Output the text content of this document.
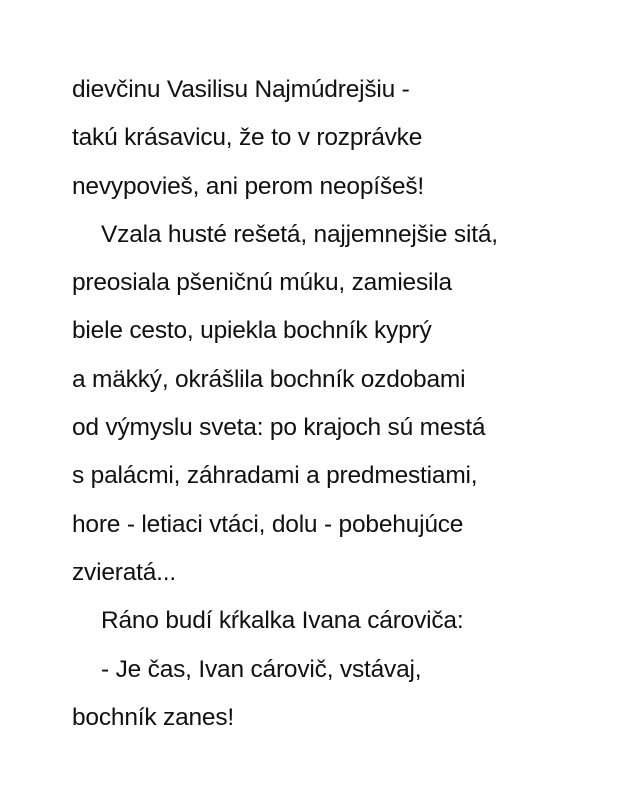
dievčinu Vasilisu Najmúdrejšiu -
takú krásavicu, že to v rozprávke
nevypovieš, ani perom neopíšeš!
Vzala husté rešetá, najjemnejšie sitá,
preosiala pšeničnú múku, zamiesila
biele cesto, upiekla bochník kyprý
a mäkký, okrášlila bochník ozdobami
od výmyslu sveta: po krajoch sú mestá
s palácmi, záhradami a predmestiami,
hore - letiaci vtáci, dolu - pobehujúce
zvieratá...
Ráno budí kŕkalka Ivana cároviča:
- Je čas, Ivan cárovič, vstávaj,
bochník zanes!
